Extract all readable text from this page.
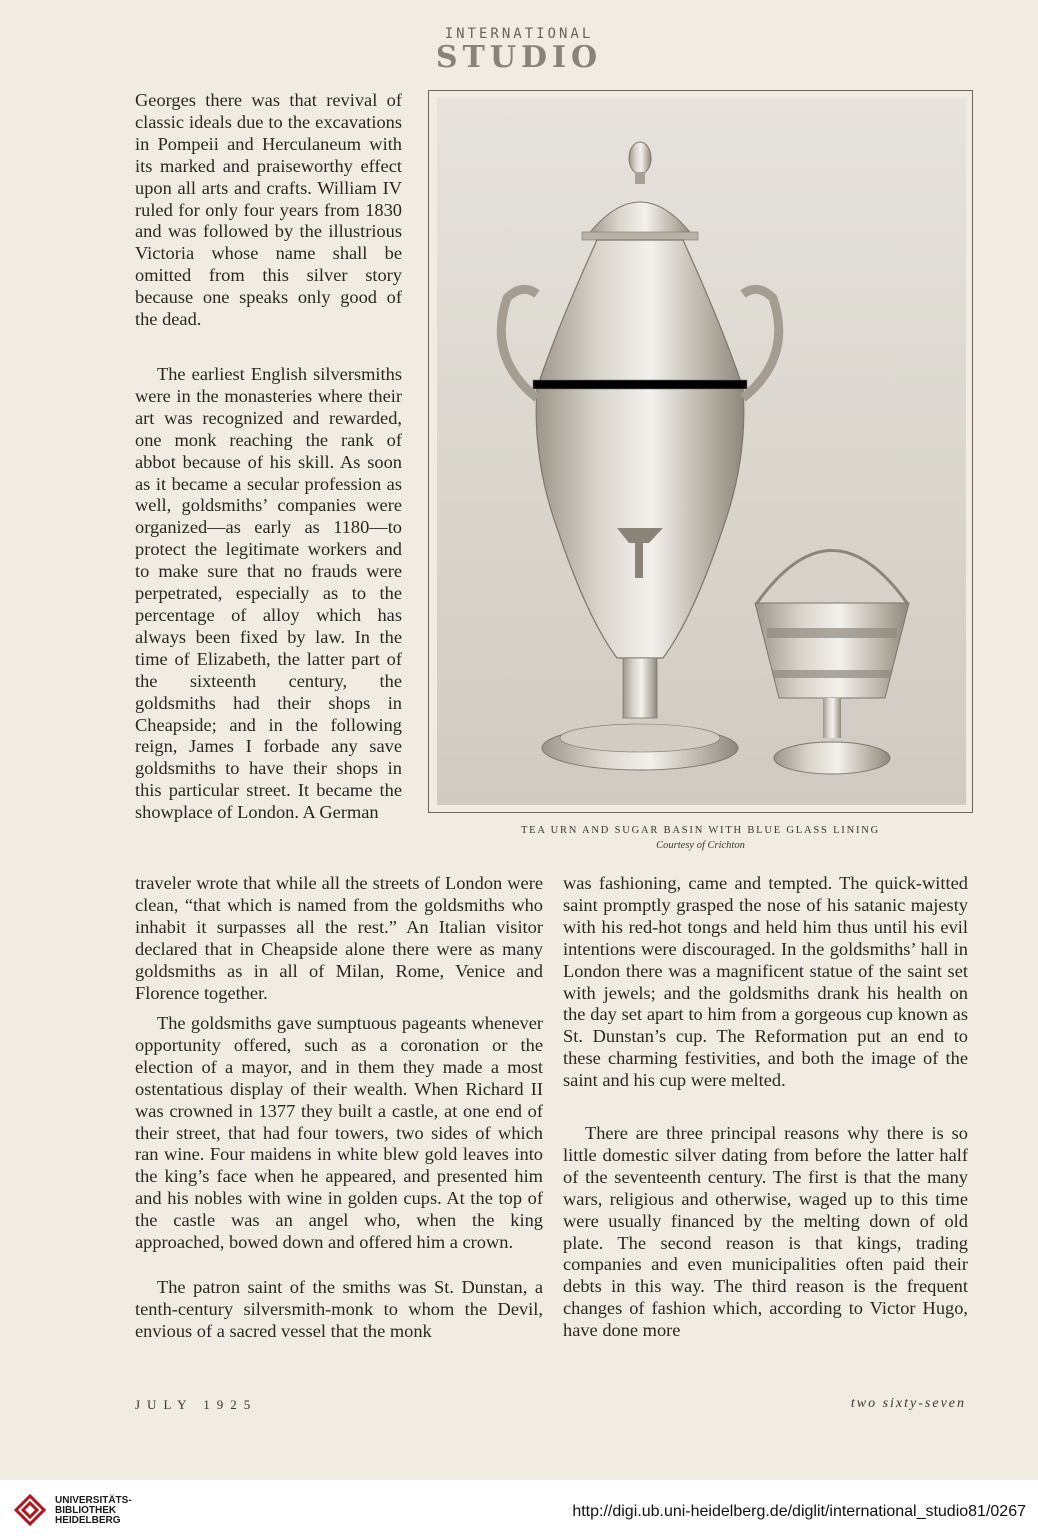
INTERNATIONAL
STUDIO

Georges there was that revival of classic ideals due to the excavations in Pompeii and Herculaneum with its marked and praiseworthy effect upon all arts and crafts. William IV ruled for only four years from 1830 and was followed by the illustrious Victoria whose name shall be omitted from this silver story because one speaks only good of the dead.

The earliest English silversmiths were in the monasteries where their art was recognized and rewarded, one monk reaching the rank of abbot because of his skill. As soon as it became a secular profession as well, goldsmiths’ companies were organized—as early as 1180—to protect the legitimate workers and to make sure that no frauds were perpetrated, especially as to the percentage of alloy which has always been fixed by law. In the time of Elizabeth, the latter part of the sixteenth century, the goldsmiths had their shops in Cheapside; and in the following reign, James I forbade any save goldsmiths to have their shops in this particular street. It became the showplace of London. A German

traveler wrote that while all the streets of London were clean, “that which is named from the goldsmiths who inhabit it surpasses all the rest.” An Italian visitor declared that in Cheapside alone there were as many goldsmiths as in all of Milan, Rome, Venice and Florence together.

The goldsmiths gave sumptuous pageants whenever opportunity offered, such as a coronation or the election of a mayor, and in them they made a most ostentatious display of their wealth. When Richard II was crowned in 1377 they built a castle, at one end of their street, that had four towers, two sides of which ran wine. Four maidens in white blew gold leaves into the king’s face when he appeared, and presented him and his nobles with wine in golden cups. At the top of the castle was an angel who, when the king approached, bowed down and offered him a crown.

The patron saint of the smiths was St. Dunstan, a tenth-century silversmith-monk to whom the Devil, envious of a sacred vessel that the monk

was fashioning, came and tempted. The quick-witted saint promptly grasped the nose of his satanic majesty with his red-hot tongs and held him thus until his evil intentions were discouraged. In the goldsmiths’ hall in London there was a magnificent statue of the saint set with jewels; and the goldsmiths drank his health on the day set apart to him from a gorgeous cup known as St. Dunstan’s cup. The Reformation put an end to these charming festivities, and both the image of the saint and his cup were melted.

There are three principal reasons why there is so little domestic silver dating from before the latter half of the seventeenth century. The first is that the many wars, religious and otherwise, waged up to this time were usually financed by the melting down of old plate. The second reason is that kings, trading companies and even municipalities often paid their debts in this way. The third reason is the frequent changes of fashion which, according to Victor Hugo, have done more

TEA URN AND SUGAR BASIN WITH BLUE GLASS LINING
Courtesy of Crichton
JULY 1925	two sixty-seven
UNIVERSITÄTS-
BIBLIOTHEK
HEIDELBERG
http://digi.ub.uni-heidelberg.de/diglit/international_studio81/0267
